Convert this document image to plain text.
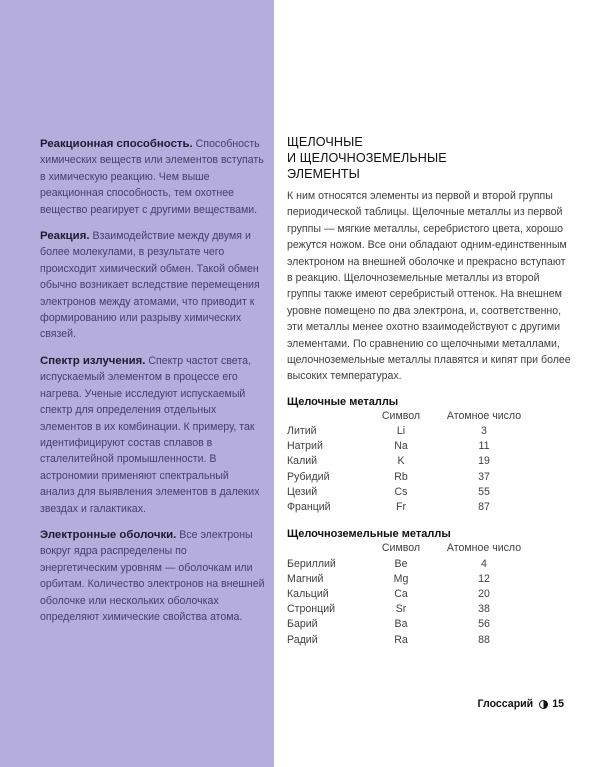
Реакционная способность. Способность химических веществ или элементов вступать в химическую реакцию. Чем выше реакционная способность, тем охотнее вещество реагирует с другими веществами.

Реакция. Взаимодействие между двумя и более молекулами, в результате чего происходит химический обмен. Такой обмен обычно возникает вследствие перемещения электронов между атомами, что приводит к формированию или разрыву химических связей.

Спектр излучения. Спектр частот света, испускаемый элементом в процессе его нагрева. Ученые исследуют испускаемый спектр для определения отдельных элементов в их комбинации. К примеру, так идентифицируют состав сплавов в сталелитейной промышленности. В астрономии применяют спектральный анализ для выявления элементов в далеких звездах и галактиках.

Электронные оболочки. Все электроны вокруг ядра распределены по энергетическим уровням — оболочкам или орбитам. Количество электронов на внешней оболочке или нескольких оболочках определяют химические свойства атома.

ЩЕЛОЧНЫЕ
И ЩЕЛОЧНОЗЕМЕЛЬНЫЕ
ЭЛЕМЕНТЫ

К ним относятся элементы из первой и второй группы периодической таблицы. Щелочные металлы из первой группы — мягкие металлы, серебристого цвета, хорошо режутся ножом. Все они обладают одним-единственным электроном на внешней оболочке и прекрасно вступают в реакцию. Щелочноземельные металлы из второй группы также имеют серебристый оттенок. На внешнем уровне помещено по два электрона, и, соответственно, эти металлы менее охотно взаимодействуют с другими элементами. По сравнению со щелочными металлами, щелочноземельные металлы плавятся и кипят при более высоких температурах.

Щелочные металлы

	Символ	Атомное число
Литий	Li	3
Натрий	Na	11
Калий	K	19
Рубидий	Rb	37
Цезий	Cs	55
Франций	Fr	87

Щелочноземельные металлы

	Символ	Атомное число
Бериллий	Be	4
Магний	Mg	12
Кальций	Ca	20
Стронций	Sr	38
Барий	Ba	56
Радий	Ra	88
Глоссарий 15
